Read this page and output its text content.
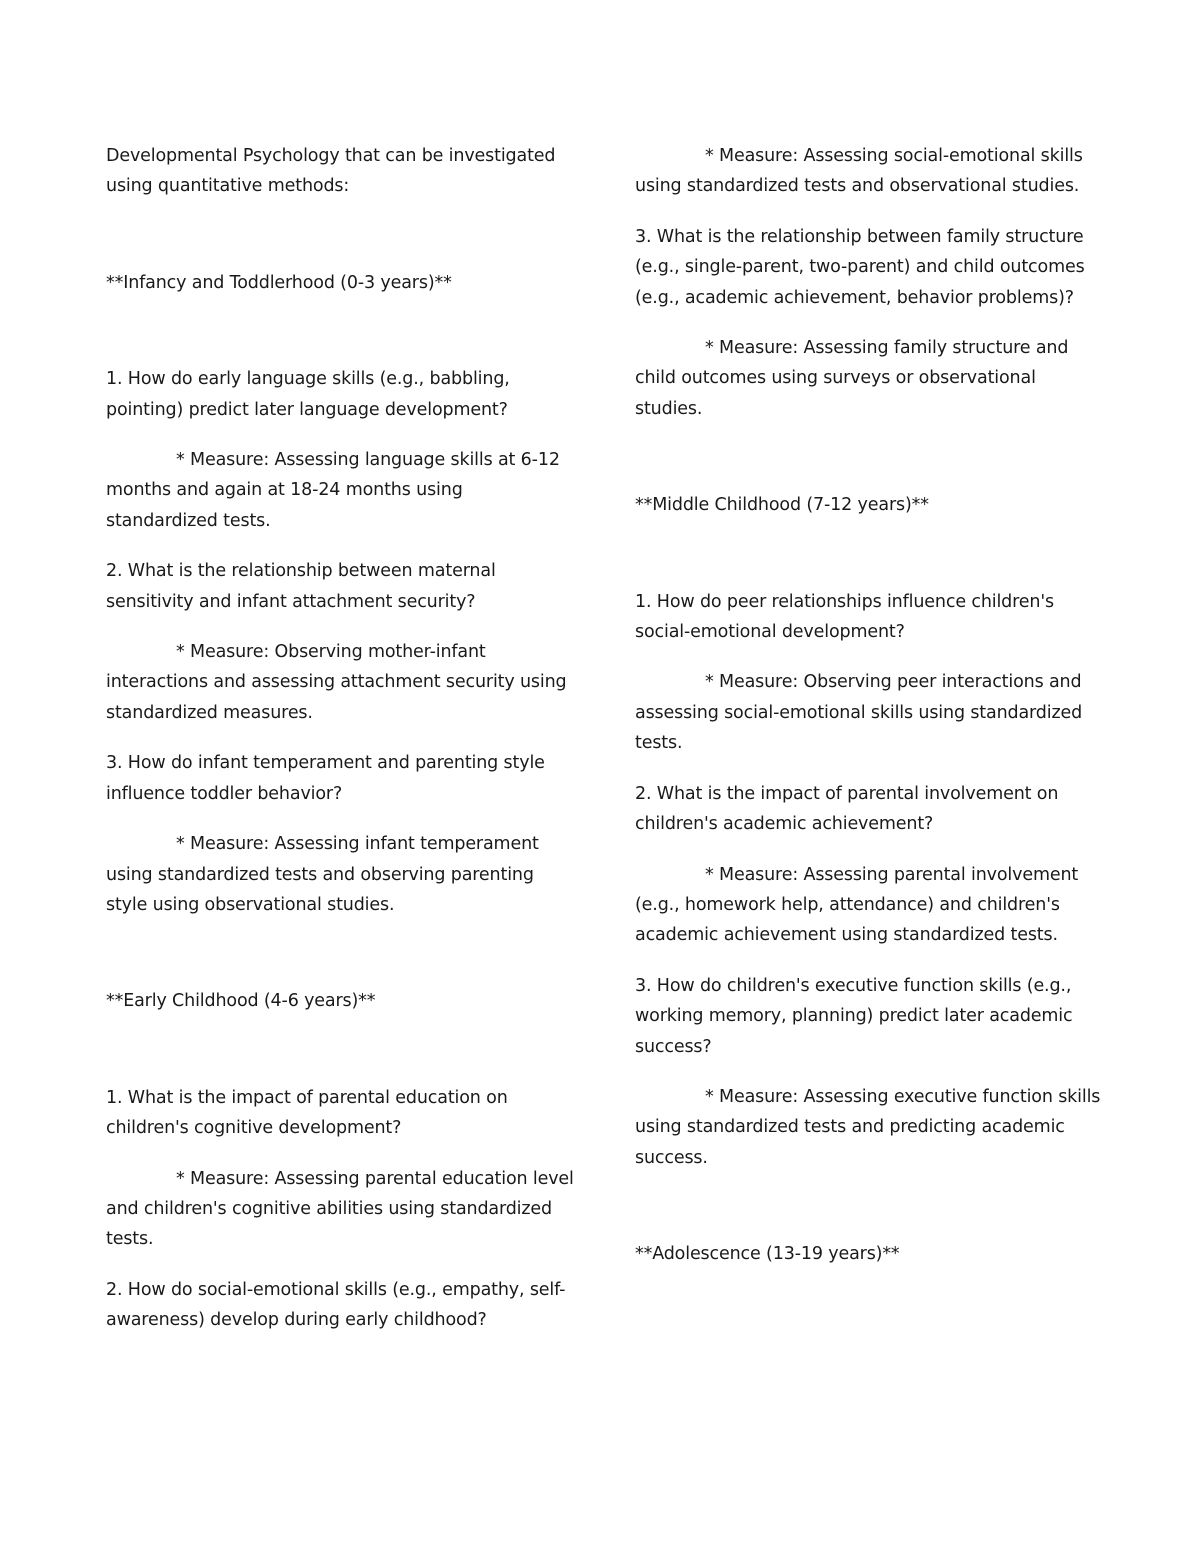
Developmental Psychology that can be investigated using quantitative methods:

**Infancy and Toddlerhood (0-3 years)**

1. How do early language skills (e.g., babbling, pointing) predict later language development?

* Measure: Assessing language skills at 6-12 months and again at 18-24 months using standardized tests.

2. What is the relationship between maternal sensitivity and infant attachment security?

* Measure: Observing mother-infant interactions and assessing attachment security using standardized measures.

3. How do infant temperament and parenting style influence toddler behavior?

* Measure: Assessing infant temperament using standardized tests and observing parenting style using observational studies.

**Early Childhood (4-6 years)**

1. What is the impact of parental education on children's cognitive development?

* Measure: Assessing parental education level and children's cognitive abilities using standardized tests.

2. How do social-emotional skills (e.g., empathy, self-awareness) develop during early childhood?

* Measure: Assessing social-emotional skills using standardized tests and observational studies.

3. What is the relationship between family structure (e.g., single-parent, two-parent) and child outcomes (e.g., academic achievement, behavior problems)?

* Measure: Assessing family structure and child outcomes using surveys or observational studies.

**Middle Childhood (7-12 years)**

1. How do peer relationships influence children's social-emotional development?

* Measure: Observing peer interactions and assessing social-emotional skills using standardized tests.

2. What is the impact of parental involvement on children's academic achievement?

* Measure: Assessing parental involvement (e.g., homework help, attendance) and children's academic achievement using standardized tests.

3. How do children's executive function skills (e.g., working memory, planning) predict later academic success?

* Measure: Assessing executive function skills using standardized tests and predicting academic success.

**Adolescence (13-19 years)**
